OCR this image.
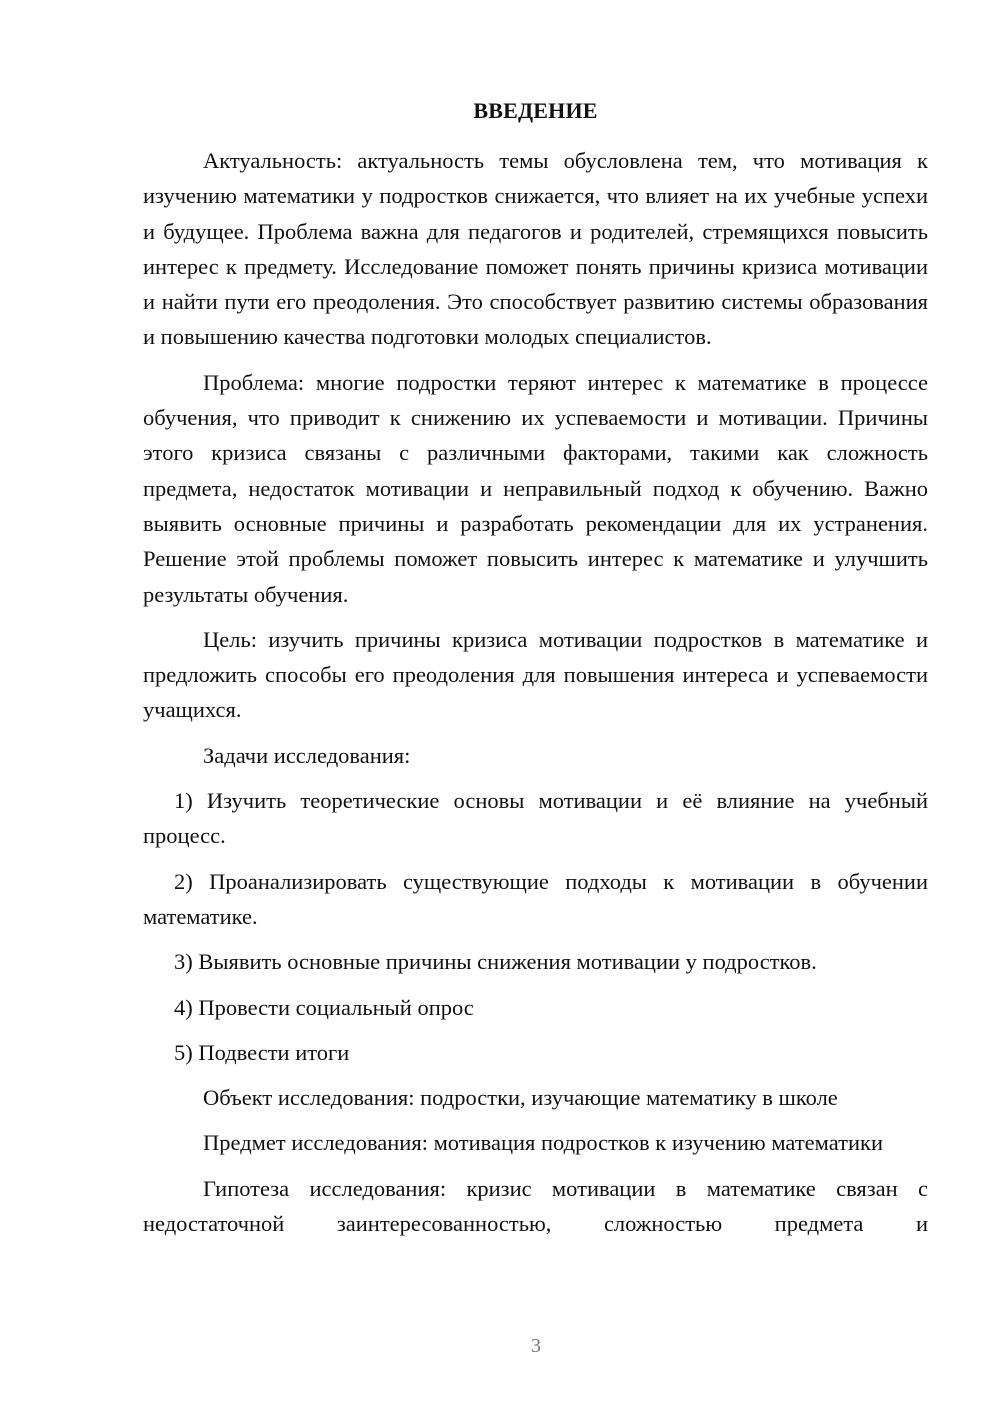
ВВЕДЕНИЕ

Актуальность: актуальность темы обусловлена тем, что мотивация к изучению математики у подростков снижается, что влияет на их учебные успехи и будущее. Проблема важна для педагогов и родителей, стремящихся повысить интерес к предмету. Исследование поможет понять причины кризиса мотивации и найти пути его преодоления. Это способствует развитию системы образования и повышению качества подготовки молодых специалистов.

Проблема: многие подростки теряют интерес к математике в процессе обучения, что приводит к снижению их успеваемости и мотивации. Причины этого кризиса связаны с различными факторами, такими как сложность предмета, недостаток мотивации и неправильный подход к обучению. Важно выявить основные причины и разработать рекомендации для их устранения. Решение этой проблемы поможет повысить интерес к математике и улучшить результаты обучения.

Цель: изучить причины кризиса мотивации подростков в математике и предложить способы его преодоления для повышения интереса и успеваемости учащихся.

Задачи исследования:

1) Изучить теоретические основы мотивации и её влияние на учебный процесс.

2) Проанализировать существующие подходы к мотивации в обучении математике.

3) Выявить основные причины снижения мотивации у подростков.

4) Провести социальный опрос

5) Подвести итоги

Объект исследования: подростки, изучающие математику в школе

Предмет исследования: мотивация подростков к изучению математики

Гипотеза исследования: кризис мотивации в математике связан с недостаточной заинтересованностью, сложностью предмета и

3
